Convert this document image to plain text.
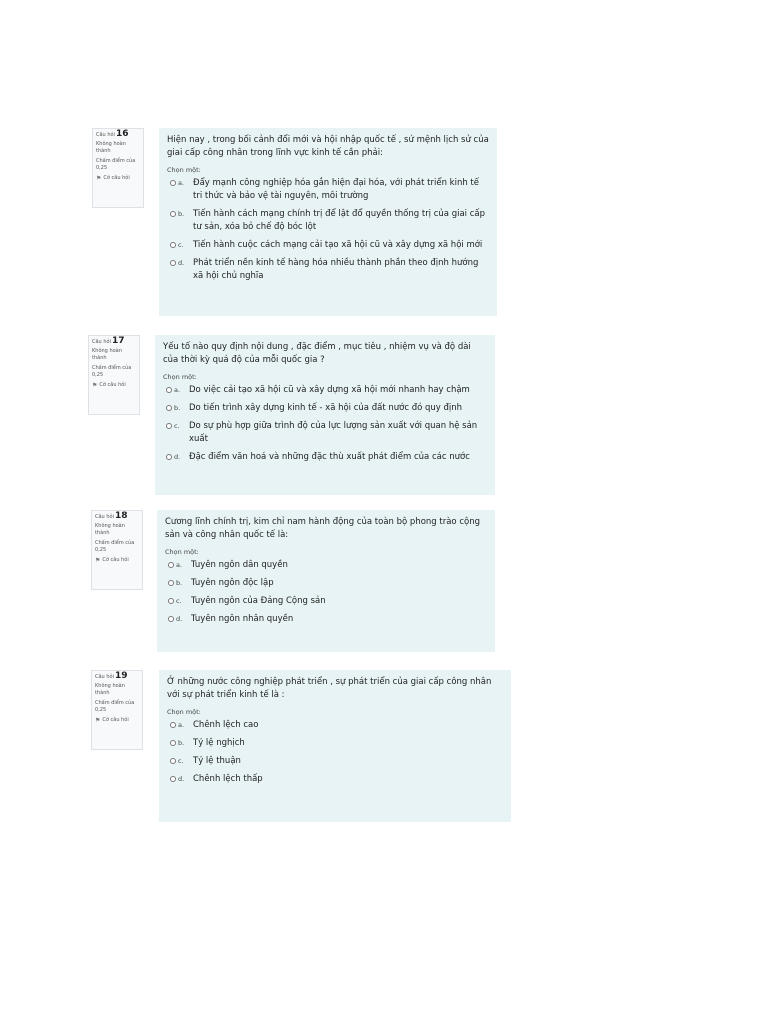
Câu hỏi16
Không hoàn thành
Chấm điểm của 0,25
⚑ Cờ câu hỏi
Hiện nay , trong bối cảnh đổi mới và hội nhập quốc tế , sứ mệnh lịch sử của giai cấp công nhân trong lĩnh vực kinh tế cần phải:
Chọn một:
a.	Đẩy mạnh công nghiệp hóa gắn hiện đại hóa, với phát triển kinh tế tri thức và bảo vệ tài nguyên, môi trường
b.	Tiến hành cách mạng chính trị để lật đổ quyền thống trị của giai cấp tư sản, xóa bỏ chế độ bóc lột
c.	Tiến hành cuộc cách mạng cải tạo xã hội cũ và xây dựng xã hội mới
d.	Phát triển nền kinh tế hàng hóa nhiều thành phần theo định hướng xã hội chủ nghĩa
Câu hỏi17
Không hoàn thành
Chấm điểm của 0,25
⚑ Cờ câu hỏi
Yếu tố nào quy định nội dung , đặc điểm , mục tiêu , nhiệm vụ và độ dài của thời kỳ quá độ của mỗi quốc gia ?
Chọn một:
a.	Do việc cải tạo xã hội cũ và xây dựng xã hội mới nhanh hay chậm
b.	Do tiến trình xây dựng kinh tế - xã hội của đất nước đó quy định
c.	Do sự phù hợp giữa trình độ của lực lượng sản xuất với quan hệ sản xuất
d.	Đặc điểm văn hoá và những đặc thù xuất phát điểm của các nước
Câu hỏi18
Không hoàn thành
Chấm điểm của 0,25
⚑ Cờ câu hỏi
Cương lĩnh chính trị, kim chỉ nam hành động của toàn bộ phong trào cộng sản và công nhân quốc tế là:
Chọn một:
a.	Tuyên ngôn dân quyền
b.	Tuyên ngôn độc lập
c.	Tuyên ngôn của Đảng Cộng sản
d.	Tuyên ngôn nhân quyền
Câu hỏi19
Không hoàn thành
Chấm điểm của 0,25
⚑ Cờ câu hỏi
Ở những nước công nghiệp phát triển , sự phát triển của giai cấp công nhân với sự phát triển kinh tế là :
Chọn một:
a.	Chênh lệch cao
b.	Tỷ lệ nghịch
c.	Tỷ lệ thuận
d.	Chênh lệch thấp
